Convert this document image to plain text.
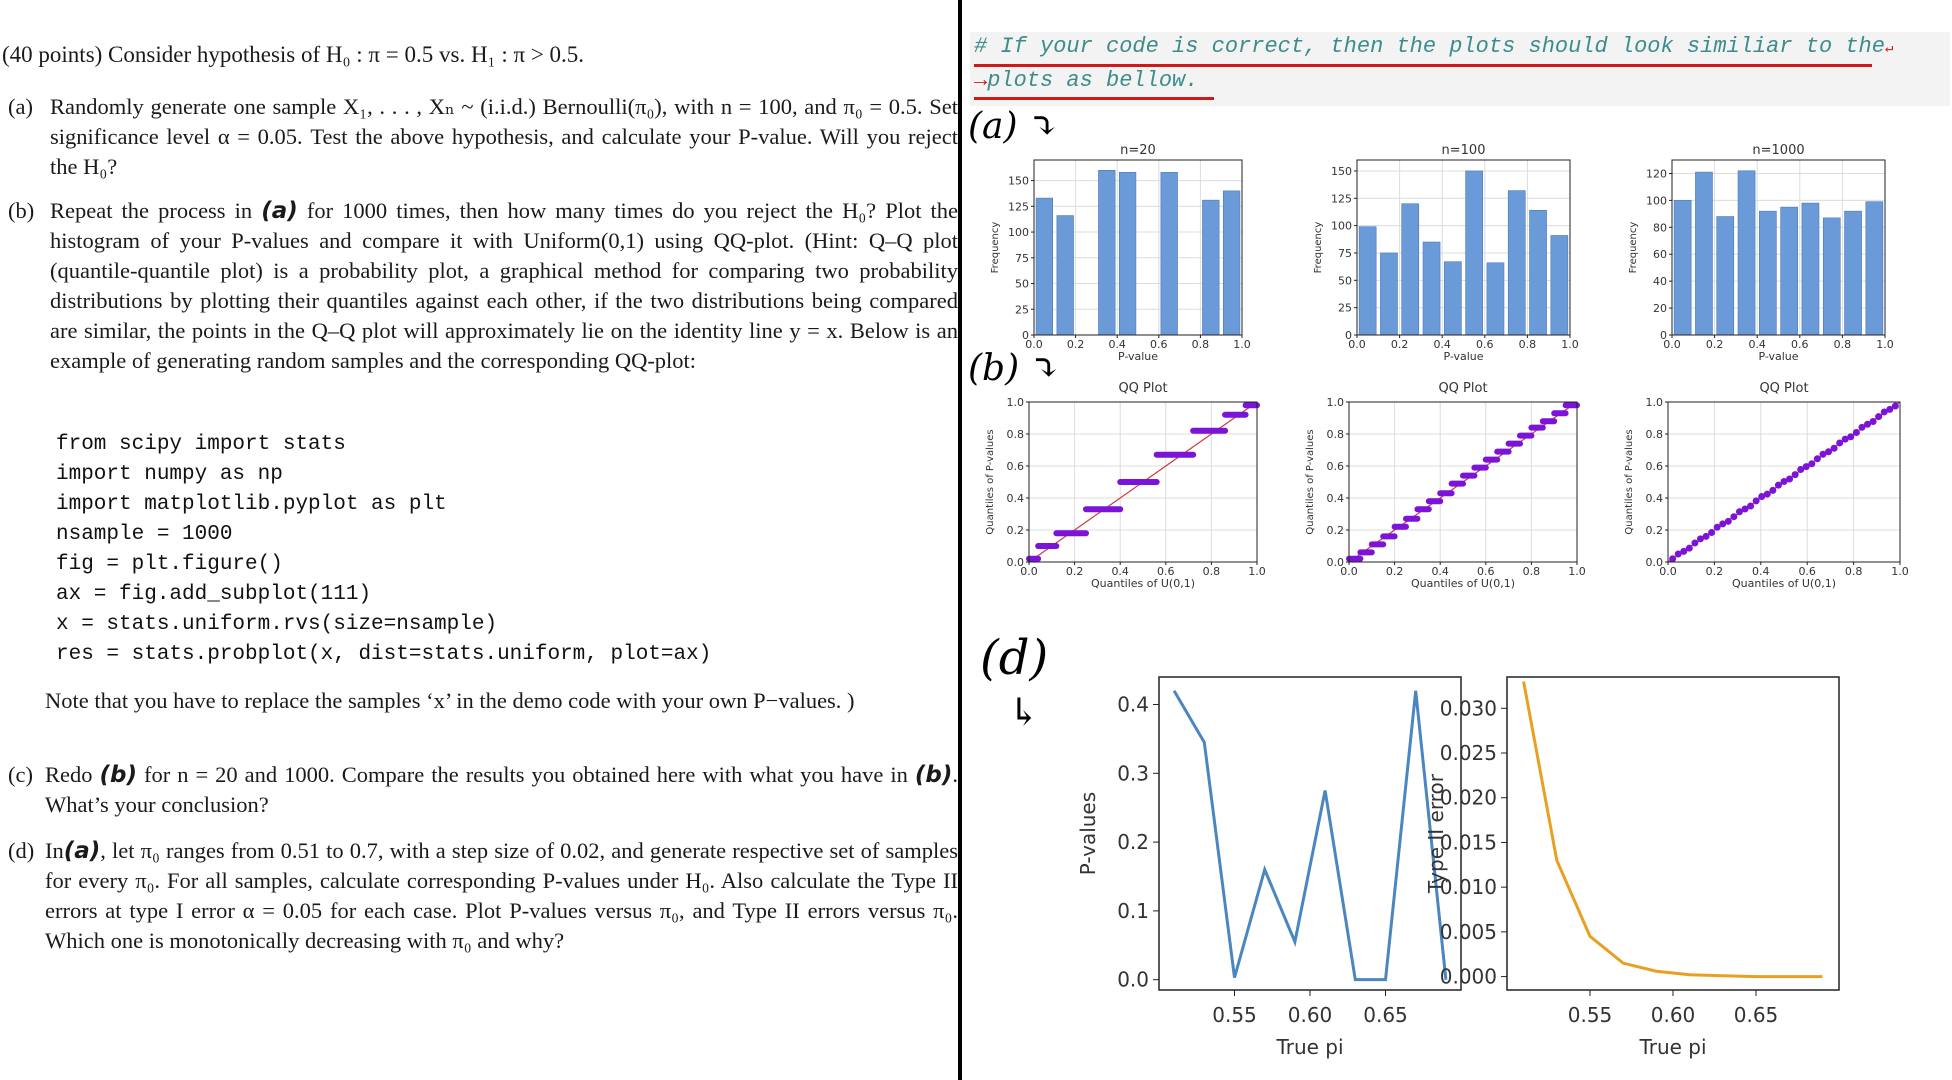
(40 points) Consider hypothesis of H₀ : π = 0.5 vs. H₁ : π > 0.5.
(a) Randomly generate one sample X₁, . . . , Xₙ ~ (i.i.d.) Bernoulli(π₀), with n = 100, and π₀ = 0.5. Set significance level α = 0.05. Test the above hypothesis, and calculate your P-value. Will you reject the H₀?
(b) Repeat the process in (a) for 1000 times, then how many times do you reject the H₀? Plot the histogram of your P-values and compare it with Uniform(0,1) using QQ-plot. (Hint: Q–Q plot (quantile-quantile plot) is a probability plot, a graphical method for comparing two probability distributions by plotting their quantiles against each other, if the two distributions being compared are similar, the points in the Q–Q plot will approximately lie on the identity line y = x. Below is an example of generating random samples and the corresponding QQ-plot:
from scipy import stats
import numpy as np
import matplotlib.pyplot as plt
nsample = 1000
fig = plt.figure()
ax = fig.add_subplot(111)
x = stats.uniform.rvs(size=nsample)
res = stats.probplot(x, dist=stats.uniform, plot=ax)
Note that you have to replace the samples ‘x’ in the demo code with your own P−values. )
(c) Redo (b) for n = 20 and 1000. Compare the results you obtained here with what you have in (b). What’s your conclusion?
(d) In(a), let π₀ ranges from 0.51 to 0.7, with a step size of 0.02, and generate respective set of samples for every π₀. For all samples, calculate corresponding P-values under H₀. Also calculate the Type II errors at type I error α = 0.05 for each case. Plot P-values versus π₀, and Type II errors versus π₀. Which one is monotonically decreasing with π₀ and why?
# If your code is correct, then the plots should look similiar to the↵
→plots as bellow.
(a) ⤵
(b) ⤵
(d)
↳
0.0 0.2 0.4 0.6 0.8 1.0
0
25
50
75
100
125
150
n=20
P-value
Frequency
0.0 0.2 0.4 0.6 0.8 1.0
0
25
50
75
100
125
150
n=100
P-value
Frequency
0.0 0.2 0.4 0.6 0.8 1.0
0
20
40
60
80
100
120
n=1000
P-value
Frequency
0.0	0.2	0.4	0.6	0.8	1.0
0.0
0.2
0.4
0.6
0.8
1.0
QQ Plot
Quantiles of U(0,1)
Quantiles of P-values
0.0	0.2	0.4	0.6	0.8	1.0
0.0
0.2
0.4
0.6
0.8
1.0
QQ Plot
Quantiles of U(0,1)
Quantiles of P-values
0.0	0.2	0.4	0.6	0.8	1.0
0.0
0.2
0.4
0.6
0.8
1.0
QQ Plot
Quantiles of U(0,1)
Quantiles of P-values
0.55 0.60 0.65
0.0
0.1
0.2
0.3
0.4
True pi
P-values
0.55 0.60 0.65
0.000
0.005
0.010
0.015
0.020
0.025
0.030
True pi
Type II error
